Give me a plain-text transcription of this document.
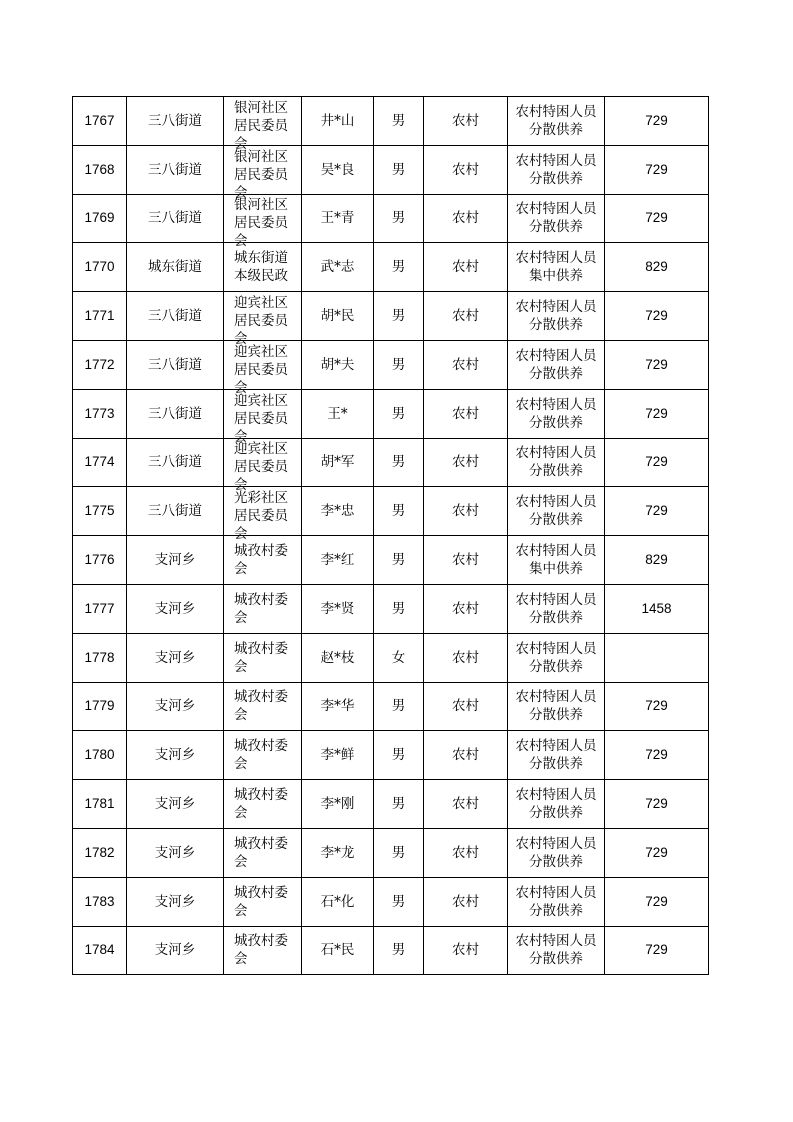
1767	三八街道	银河社区居民委员会	井*山	男	农村	农村特困人员分散供养	729

1768	三八街道	银河社区居民委员会	吴*良	男	农村	农村特困人员分散供养	729

1769	三八街道	银河社区居民委员会	王*青	男	农村	农村特困人员分散供养	729

1770	城东街道	城东街道本级民政	武*志	男	农村	农村特困人员集中供养	829

1771	三八街道	迎宾社区居民委员会	胡*民	男	农村	农村特困人员分散供养	729

1772	三八街道	迎宾社区居民委员会	胡*夫	男	农村	农村特困人员分散供养	729

1773	三八街道	迎宾社区居民委员会	王*	男	农村	农村特困人员分散供养	729

1774	三八街道	迎宾社区居民委员会	胡*军	男	农村	农村特困人员分散供养	729

1775	三八街道	光彩社区居民委员会	李*忠	男	农村	农村特困人员分散供养	729

1776	支河乡	城孜村委会	李*红	男	农村	农村特困人员集中供养	829

1777	支河乡	城孜村委会	李*贤	男	农村	农村特困人员分散供养	1458

1778	支河乡	城孜村委会	赵*枝	女	农村	农村特困人员分散供养	

1779	支河乡	城孜村委会	李*华	男	农村	农村特困人员分散供养	729

1780	支河乡	城孜村委会	李*鲜	男	农村	农村特困人员分散供养	729

1781	支河乡	城孜村委会	李*刚	男	农村	农村特困人员分散供养	729

1782	支河乡	城孜村委会	李*龙	男	农村	农村特困人员分散供养	729

1783	支河乡	城孜村委会	石*化	男	农村	农村特困人员分散供养	729

1784	支河乡	城孜村委会	石*民	男	农村	农村特困人员分散供养	729
